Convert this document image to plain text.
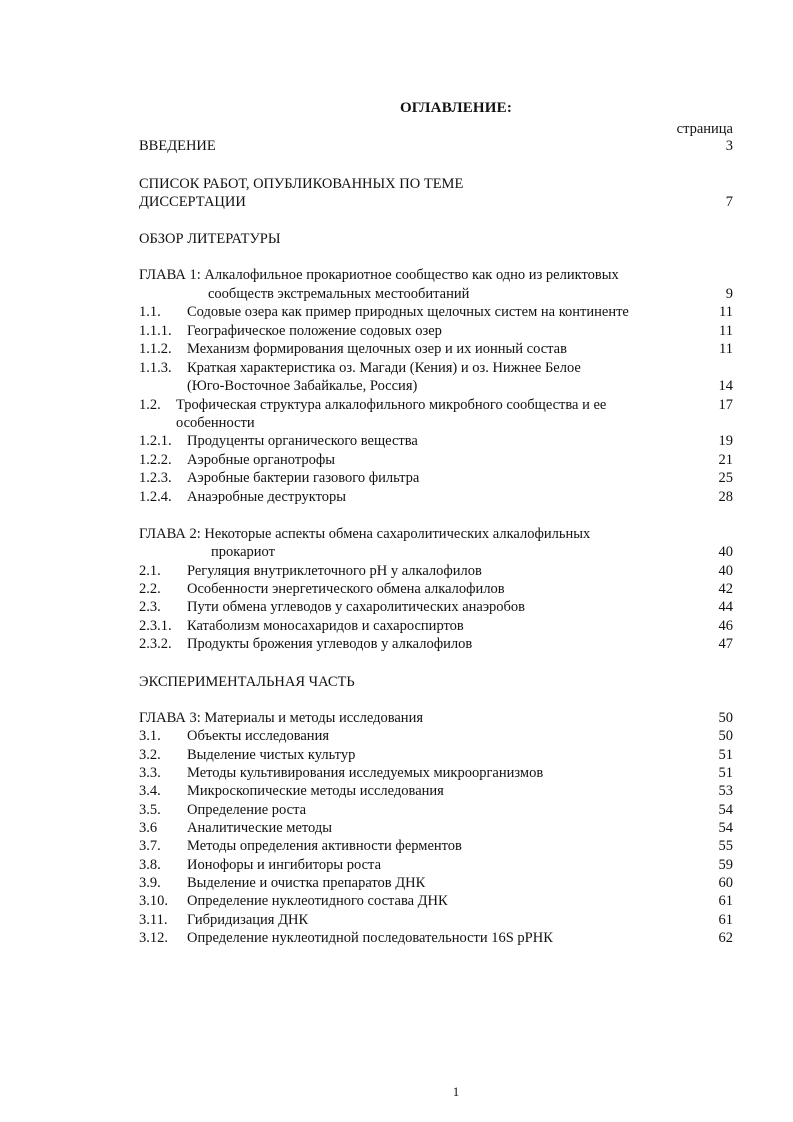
ОГЛАВЛЕНИЕ:
страница
ВВЕДЕНИЕ	3
СПИСОК РАБОТ, ОПУБЛИКОВАННЫХ ПО ТЕМЕ
ДИССЕРТАЦИИ	7
ОБЗОР ЛИТЕРАТУРЫ
ГЛАВА 1: Алкалофильное прокариотное сообщество как одно из реликтовых
сообществ экстремальных местообитаний	9
1.1. Содовые озера как пример природных щелочных систем на континенте	11
1.1.1. Географическое положение содовых озер	11
1.1.2. Механизм формирования щелочных озер и их ионный состав	11
1.1.3. Краткая характеристика оз. Магади (Кения) и оз. Нижнее Белое
(Юго-Восточное Забайкалье, Россия)	14
1.2. Трофическая структура алкалофильного микробного сообщества и ее	17
особенности
1.2.1. Продуценты органического вещества	19
1.2.2. Аэробные органотрофы	21
1.2.3. Аэробные бактерии газового фильтра	25
1.2.4. Анаэробные деструкторы	28
ГЛАВА 2: Некоторые аспекты обмена сахаролитических алкалофильных
прокариот	40
2.1. Регуляция внутриклеточного pH у алкалофилов	40
2.2. Особенности энергетического обмена алкалофилов	42
2.3. Пути обмена углеводов у сахаролитических анаэробов	44
2.3.1. Катаболизм моносахаридов и сахароспиртов	46
2.3.2. Продукты брожения углеводов у алкалофилов	47
ЭКСПЕРИМЕНТАЛЬНАЯ ЧАСТЬ
ГЛАВА 3: Материалы и методы исследования	50
3.1. Объекты исследования	50
3.2. Выделение чистых культур	51
3.3. Методы культивирования исследуемых микроорганизмов	51
3.4. Микроскопические методы исследования	53
3.5. Определение роста	54
3.6 Аналитические методы	54
3.7. Методы определения активности ферментов	55
3.8. Ионофоры и ингибиторы роста	59
3.9. Выделение и очистка препаратов ДНК	60
3.10. Определение нуклеотидного состава ДНК	61
3.11. Гибридизация ДНК	61
3.12. Определение нуклеотидной последовательности 16S рРНК	62
1
